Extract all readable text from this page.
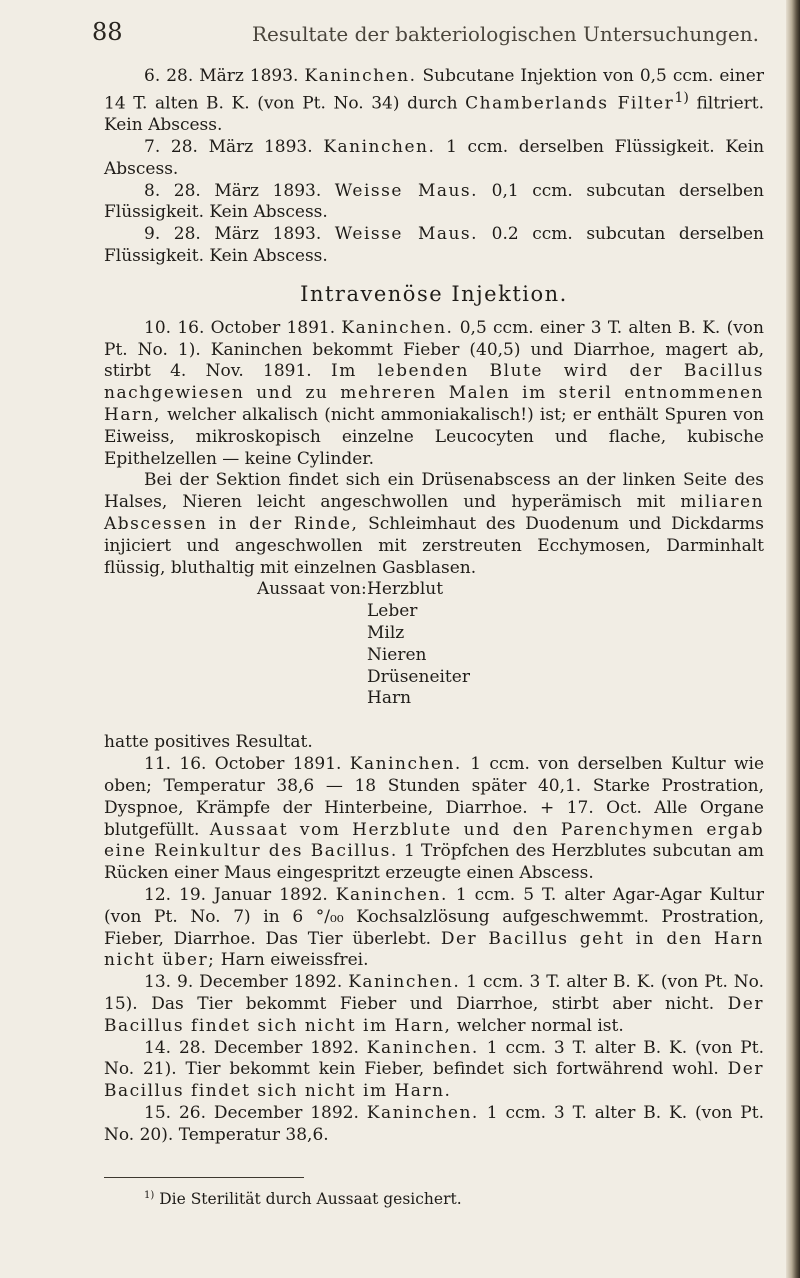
88	Resultate der bakteriologischen Untersuchungen.

6. 28. März 1893. Kaninchen. Subcutane Injektion von 0,5 ccm. einer 14 T. alten B. K. (von Pt. No. 34) durch Chamberlands Filter$^{1)}$ filtriert. Kein Abscess.

7. 28. März 1893. Kaninchen. 1 ccm. derselben Flüssigkeit. Kein Abscess.

8. 28. März 1893. Weisse Maus. 0,1 ccm. subcutan derselben Flüssigkeit. Kein Abscess.

9. 28. März 1893. Weisse Maus. 0.2 ccm. subcutan derselben Flüssigkeit. Kein Abscess.

Intravenöse Injektion.

10. 16. October 1891. Kaninchen. 0,5 ccm. einer 3 T. alten B. K. (von Pt. No. 1). Kaninchen bekommt Fieber (40,5) und Diarrhoe, magert ab, stirbt 4. Nov. 1891. Im lebenden Blute wird der Bacillus nachgewiesen und zu mehreren Malen im steril entnommenen Harn, welcher alkalisch (nicht ammoniakalisch!) ist; er enthält Spuren von Eiweiss, mikroskopisch einzelne Leucocyten und flache, kubische Epithelzellen — keine Cylinder.

Bei der Sektion findet sich ein Drüsenabscess an der linken Seite des Halses, Nieren leicht angeschwollen und hyperämisch mit miliaren Abscessen in der Rinde, Schleimhaut des Duodenum und Dickdarms injiciert und angeschwollen mit zerstreuten Ecchymosen, Darminhalt flüssig, bluthaltig mit einzelnen Gasblasen.

Aussaat von: Herzblut
Leber
Milz
Nieren
Drüseneiter
Harn

hatte positives Resultat.

11. 16. October 1891. Kaninchen. 1 ccm. von derselben Kultur wie oben; Temperatur 38,6 — 18 Stunden später 40,1. Starke Prostration, Dyspnoe, Krämpfe der Hinterbeine, Diarrhoe. + 17. Oct. Alle Organe blutgefüllt. Aussaat vom Herzblute und den Parenchymen ergab eine Reinkultur des Bacillus. 1 Tröpfchen des Herzblutes subcutan am Rücken einer Maus eingespritzt erzeugte einen Abscess.

12. 19. Januar 1892. Kaninchen. 1 ccm. 5 T. alter Agar-Agar Kultur (von Pt. No. 7) in 6 °/₀₀ Kochsalzlösung aufgeschwemmt. Prostration, Fieber, Diarrhoe. Das Tier überlebt. Der Bacillus geht in den Harn nicht über; Harn eiweissfrei.

13. 9. December 1892. Kaninchen. 1 ccm. 3 T. alter B. K. (von Pt. No. 15). Das Tier bekommt Fieber und Diarrhoe, stirbt aber nicht. Der Bacillus findet sich nicht im Harn, welcher normal ist.

14. 28. December 1892. Kaninchen. 1 ccm. 3 T. alter B. K. (von Pt. No. 21). Tier bekommt kein Fieber, befindet sich fortwährend wohl. Der Bacillus findet sich nicht im Harn.

15. 26. December 1892. Kaninchen. 1 ccm. 3 T. alter B. K. (von Pt. No. 20). Temperatur 38,6.

$^{1)}$ Die Sterilität durch Aussaat gesichert.
